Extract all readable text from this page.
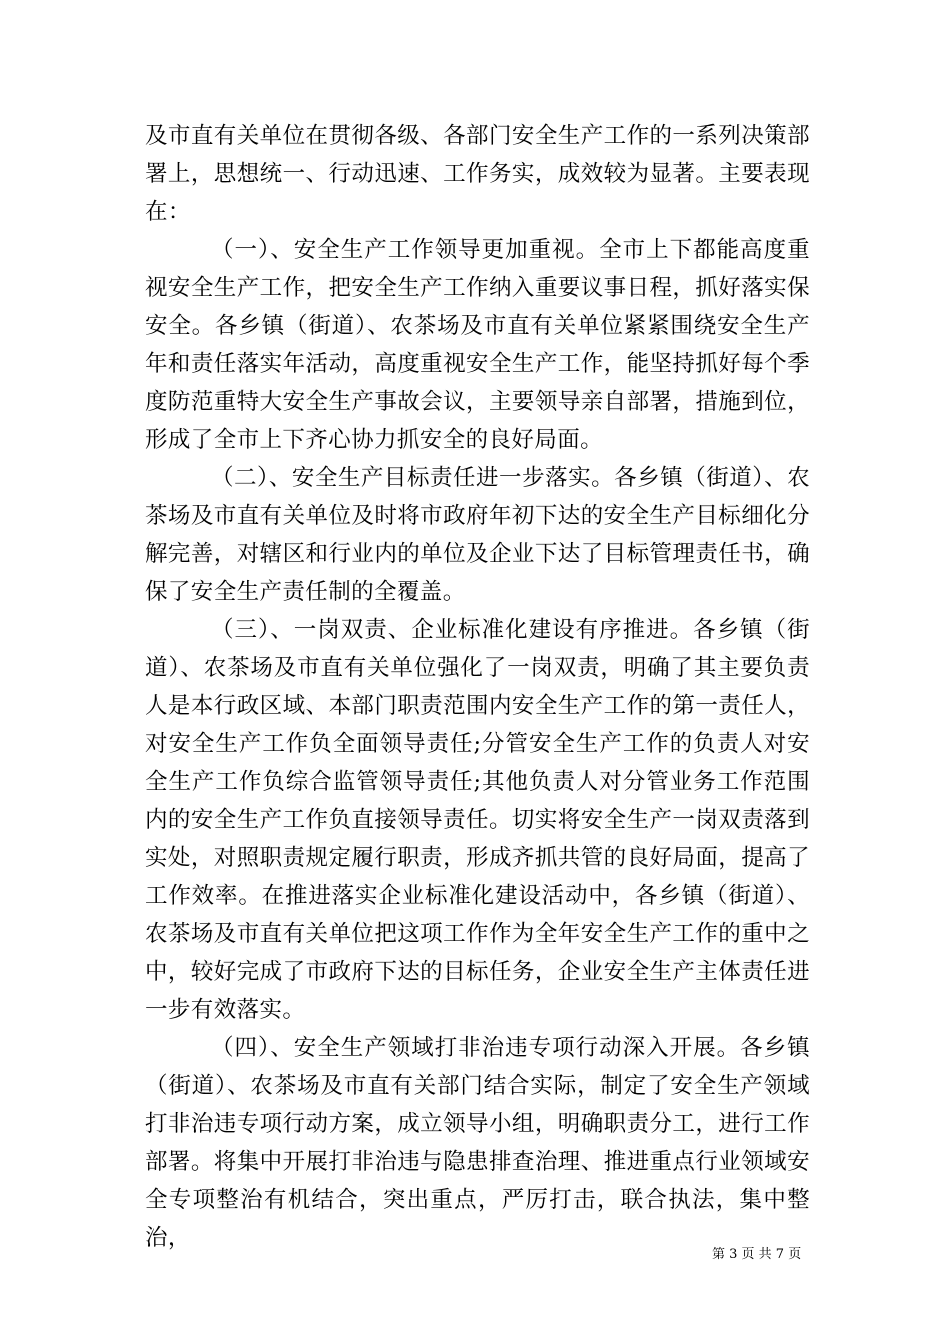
及市直有关单位在贯彻各级、各部门安全生产工作的一系列决策部署上，思想统一、行动迅速、工作务实，成效较为显著。主要表现在：

（一）、安全生产工作领导更加重视。全市上下都能高度重视安全生产工作，把安全生产工作纳入重要议事日程，抓好落实保安全。各乡镇（街道）、农茶场及市直有关单位紧紧围绕安全生产年和责任落实年活动，高度重视安全生产工作，能坚持抓好每个季度防范重特大安全生产事故会议，主要领导亲自部署，措施到位，形成了全市上下齐心协力抓安全的良好局面。

（二）、安全生产目标责任进一步落实。各乡镇（街道）、农茶场及市直有关单位及时将市政府年初下达的安全生产目标细化分解完善，对辖区和行业内的单位及企业下达了目标管理责任书，确保了安全生产责任制的全覆盖。

（三）、一岗双责、企业标准化建设有序推进。各乡镇（街道）、农茶场及市直有关单位强化了一岗双责，明确了其主要负责人是本行政区域、本部门职责范围内安全生产工作的第一责任人，对安全生产工作负全面领导责任;分管安全生产工作的负责人对安全生产工作负综合监管领导责任;其他负责人对分管业务工作范围内的安全生产工作负直接领导责任。切实将安全生产一岗双责落到实处，对照职责规定履行职责，形成齐抓共管的良好局面，提高了工作效率。在推进落实企业标准化建设活动中，各乡镇（街道）、农茶场及市直有关单位把这项工作作为全年安全生产工作的重中之中，较好完成了市政府下达的目标任务，企业安全生产主体责任进一步有效落实。

（四）、安全生产领域打非治违专项行动深入开展。各乡镇（街道）、农茶场及市直有关部门结合实际，制定了安全生产领域打非治违专项行动方案，成立领导小组，明确职责分工，进行工作部署。将集中开展打非治违与隐患排查治理、推进重点行业领域安全专项整治有机结合，突出重点，严厉打击，联合执法，集中整治，

第 3 页 共 7 页
